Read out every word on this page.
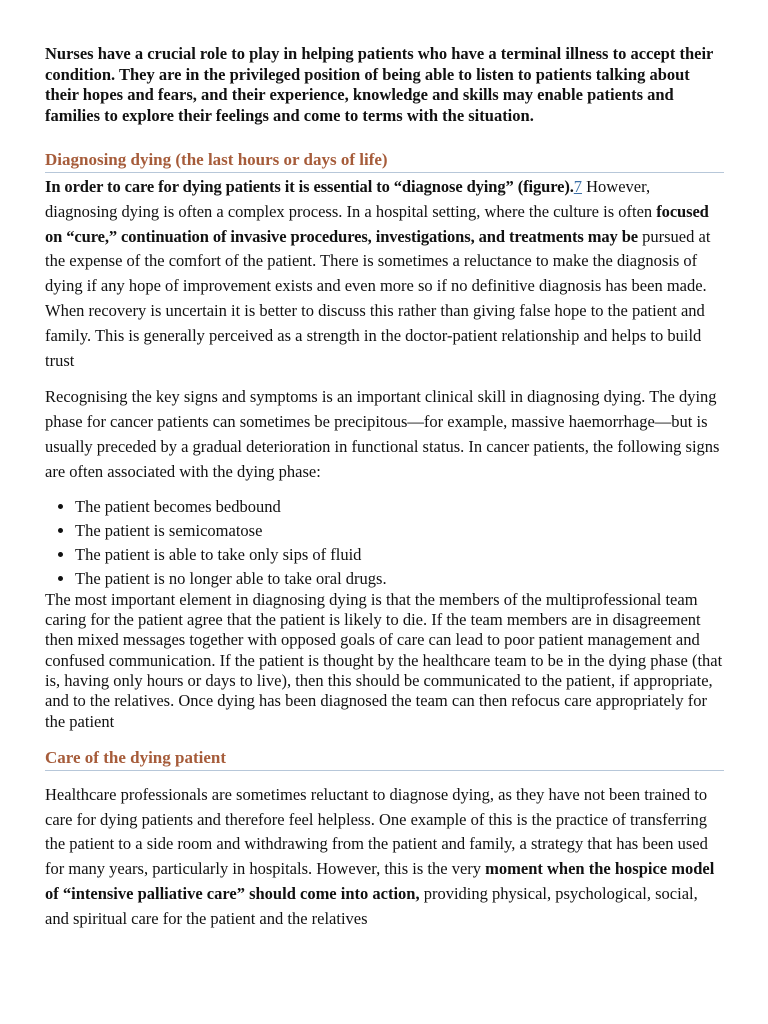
Nurses have a crucial role to play in helping patients who have a terminal illness to accept their condition. They are in the privileged position of being able to listen to patients talking about their hopes and fears, and their experience, knowledge and skills may enable patients and families to explore their feelings and come to terms with the situation.

Diagnosing dying (the last hours or days of life)

In order to care for dying patients it is essential to “diagnose dying” (figure).7 However, diagnosing dying is often a complex process. In a hospital setting, where the culture is often focused on “cure,” continuation of invasive procedures, investigations, and treatments may be pursued at the expense of the comfort of the patient. There is sometimes a reluctance to make the diagnosis of dying if any hope of improvement exists and even more so if no definitive diagnosis has been made. When recovery is uncertain it is better to discuss this rather than giving false hope to the patient and family. This is generally perceived as a strength in the doctor-patient relationship and helps to build trust

Recognising the key signs and symptoms is an important clinical skill in diagnosing dying. The dying phase for cancer patients can sometimes be precipitous—for example, massive haemorrhage—but is usually preceded by a gradual deterioration in functional status. In cancer patients, the following signs are often associated with the dying phase:

• The patient becomes bedbound
• The patient is semicomatose
• The patient is able to take only sips of fluid
• The patient is no longer able to take oral drugs.

The most important element in diagnosing dying is that the members of the multiprofessional team caring for the patient agree that the patient is likely to die. If the team members are in disagreement then mixed messages together with opposed goals of care can lead to poor patient management and confused communication. If the patient is thought by the healthcare team to be in the dying phase (that is, having only hours or days to live), then this should be communicated to the patient, if appropriate, and to the relatives. Once dying has been diagnosed the team can then refocus care appropriately for the patient

Care of the dying patient

Healthcare professionals are sometimes reluctant to diagnose dying, as they have not been trained to care for dying patients and therefore feel helpless. One example of this is the practice of transferring the patient to a side room and withdrawing from the patient and family, a strategy that has been used for many years, particularly in hospitals. However, this is the very moment when the hospice model of “intensive palliative care” should come into action, providing physical, psychological, social, and spiritual care for the patient and the relatives
